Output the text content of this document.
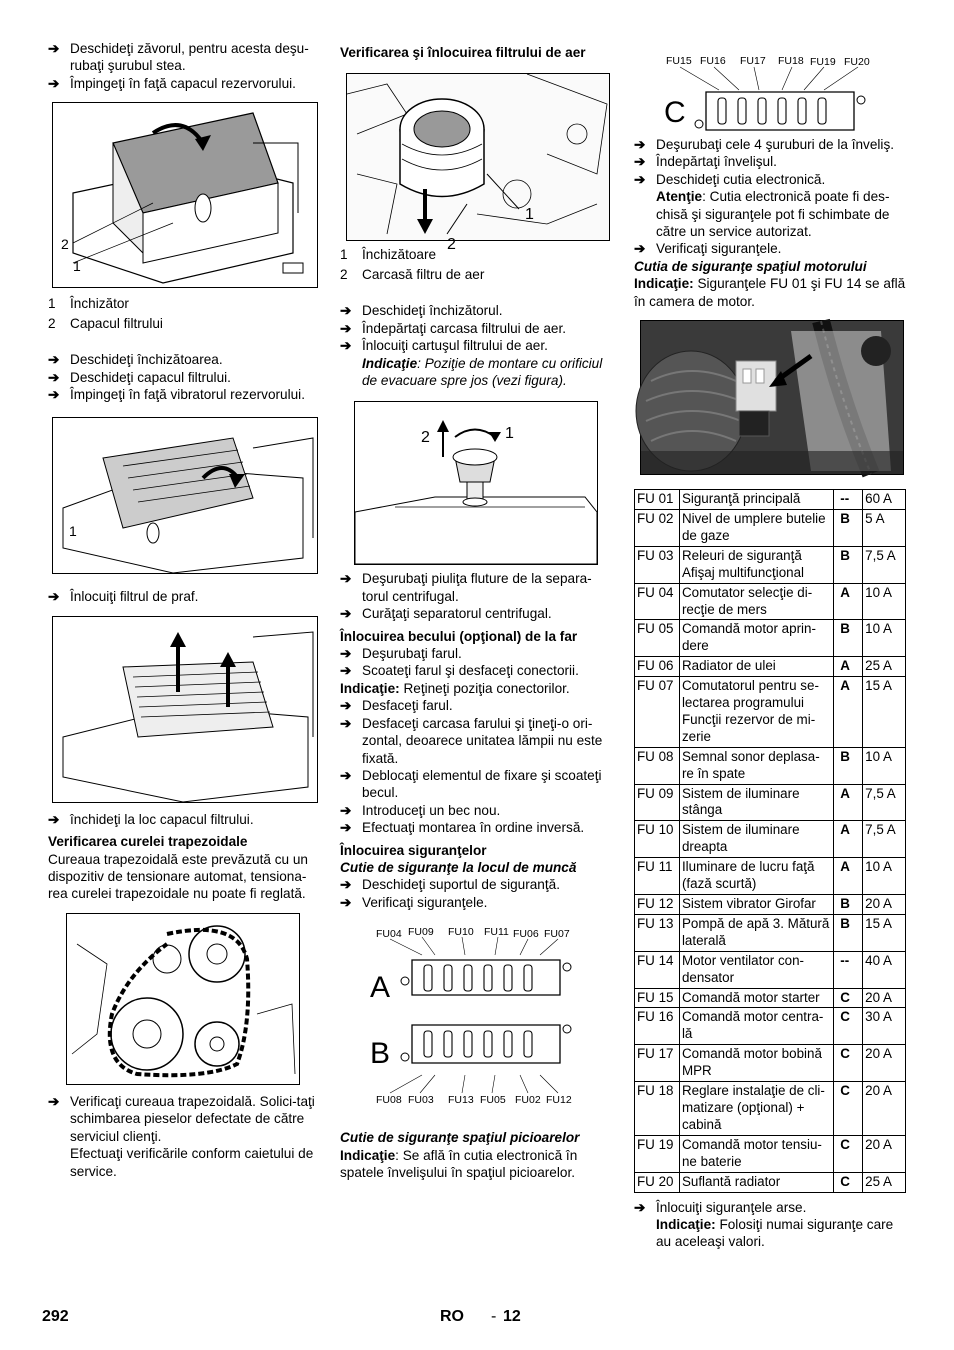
➔ Deschideţi zăvorul, pentru acesta deşu-rubaţi şurubul stea.
➔ Împingeţi în faţă capacul rezervorului.
2
1
1	Închizător
2	Capacul filtrului
➔ Deschideţi închizătoarea.
➔ Deschideţi capacul filtrului.
➔ Împingeţi în faţă vibratorul rezervorului.
1
➔ Înlocuiţi filtrul de praf.
➔ închideţi la loc capacul filtrului.
Verificarea curelei trapezoidale

Cureaua trapezoidală este prevăzută cu un dispozitiv de tensionare automat, tensiona-rea curelei trapezoidale nu poate fi reglată.

➔ Verificaţi cureaua trapezoidală. Solici-taţi schimbarea pieselor defectate de către serviciul clienţi.
Efectuaţi verificările conform caietului de service.
Verificarea şi înlocuirea filtrului de aer
1
2
1	Închizătoare
2	Carcasă filtru de aer
➔ Deschideţi închizătorul.
➔ Îndepărtaţi carcasa filtrului de aer.
➔ Înlocuiţi cartuşul filtrului de aer.
Indicaţie: Poziţie de montare cu orificiul de evacuare spre jos (vezi figura).
2	1
➔ Deşurubaţi piuliţa fluture de la separa-torul centrifugal.
➔ Curăţaţi separatorul centrifugal.
Înlocuirea becului (opţional) de la far
➔ Deşurubaţi farul.
➔ Scoateţi farul şi desfaceţi conectorii.

Indicaţie: Reţineţi poziţia conectorilor.

➔ Desfaceţi farul.
➔ Desfaceţi carcasa farului şi ţineţi-o ori-zontal, deoarece unitatea lămpii nu este fixată.
➔ Deblocaţi elementul de fixare şi scoateţi becul.
➔ Introduceţi un bec nou.
➔ Efectuaţi montarea în ordine inversă.
Înlocuirea siguranţelor
Cutie de siguranţe la locul de muncă
➔ Deschideţi suportul de siguranţă.
➔ Verificaţi siguranţele.
FU04 FU09 FU10 FU11 FU06 FU07
FU08 FU03 FU13 FU05 FU02 FU12
A
B
Cutie de siguranţe spaţiul picioarelor

Indicaţie: Se află în cutia electronică în spatele învelişului în spaţiul picioarelor.

FU15 FU16 FU17 FU18 FU19 FU20
C
➔ Deşurubaţi cele 4 şuruburi de la înveliş.
➔ Îndepărtaţi învelişul.
➔ Deschideţi cutia electronică.
Atenţie: Cutia electronică poate fi des-chisă şi siguranţele pot fi schimbate de către un service autorizat.
➔ Verificaţi siguranţele.
Cutia de siguranţe spaţiul motorului

Indicaţie: Siguranţele FU 01 şi FU 14 se află în camera de motor.

FU 01	Siguranţă principală	--	60 A
FU 02	Nivel de umplere butelie de gaze	B	5 A
FU 03	Releuri de siguranţă Afişaj multifuncţional	B	7,5 A
FU 04	Comutator selecţie di-recţie de mers	A	10 A
FU 05	Comandă motor aprin-dere	B	10 A
FU 06	Radiator de ulei	A	25 A
FU 07	Comutatorul pentru se-lectarea programului Funcţii rezervor de mi-zerie	A	15 A
FU 08	Semnal sonor deplasa-re în spate	B	10 A
FU 09	Sistem de iluminare stânga	A	7,5 A
FU 10	Sistem de iluminare dreapta	A	7,5 A
FU 11	Iluminare de lucru faţă (fază scurtă)	A	10 A
FU 12	Sistem vibrator Girofar	B	20 A
FU 13	Pompă de apă 3. Mătură laterală	B	15 A
FU 14	Motor ventilator con-densator	--	40 A
FU 15	Comandă motor starter	C	20 A
FU 16	Comandă motor centra-lă	C	30 A
FU 17	Comandă motor bobină MPR	C	20 A
FU 18	Reglare instalaţie de cli-matizare (opţional) + cabină	C	20 A
FU 19	Comandă motor tensiu-ne baterie	C	20 A
FU 20	Suflantă radiator	C	25 A
➔ Înlocuiţi siguranţele arse.
Indicaţie: Folosiţi numai siguranţe care au aceleaşi valori.
292	RO - 12
